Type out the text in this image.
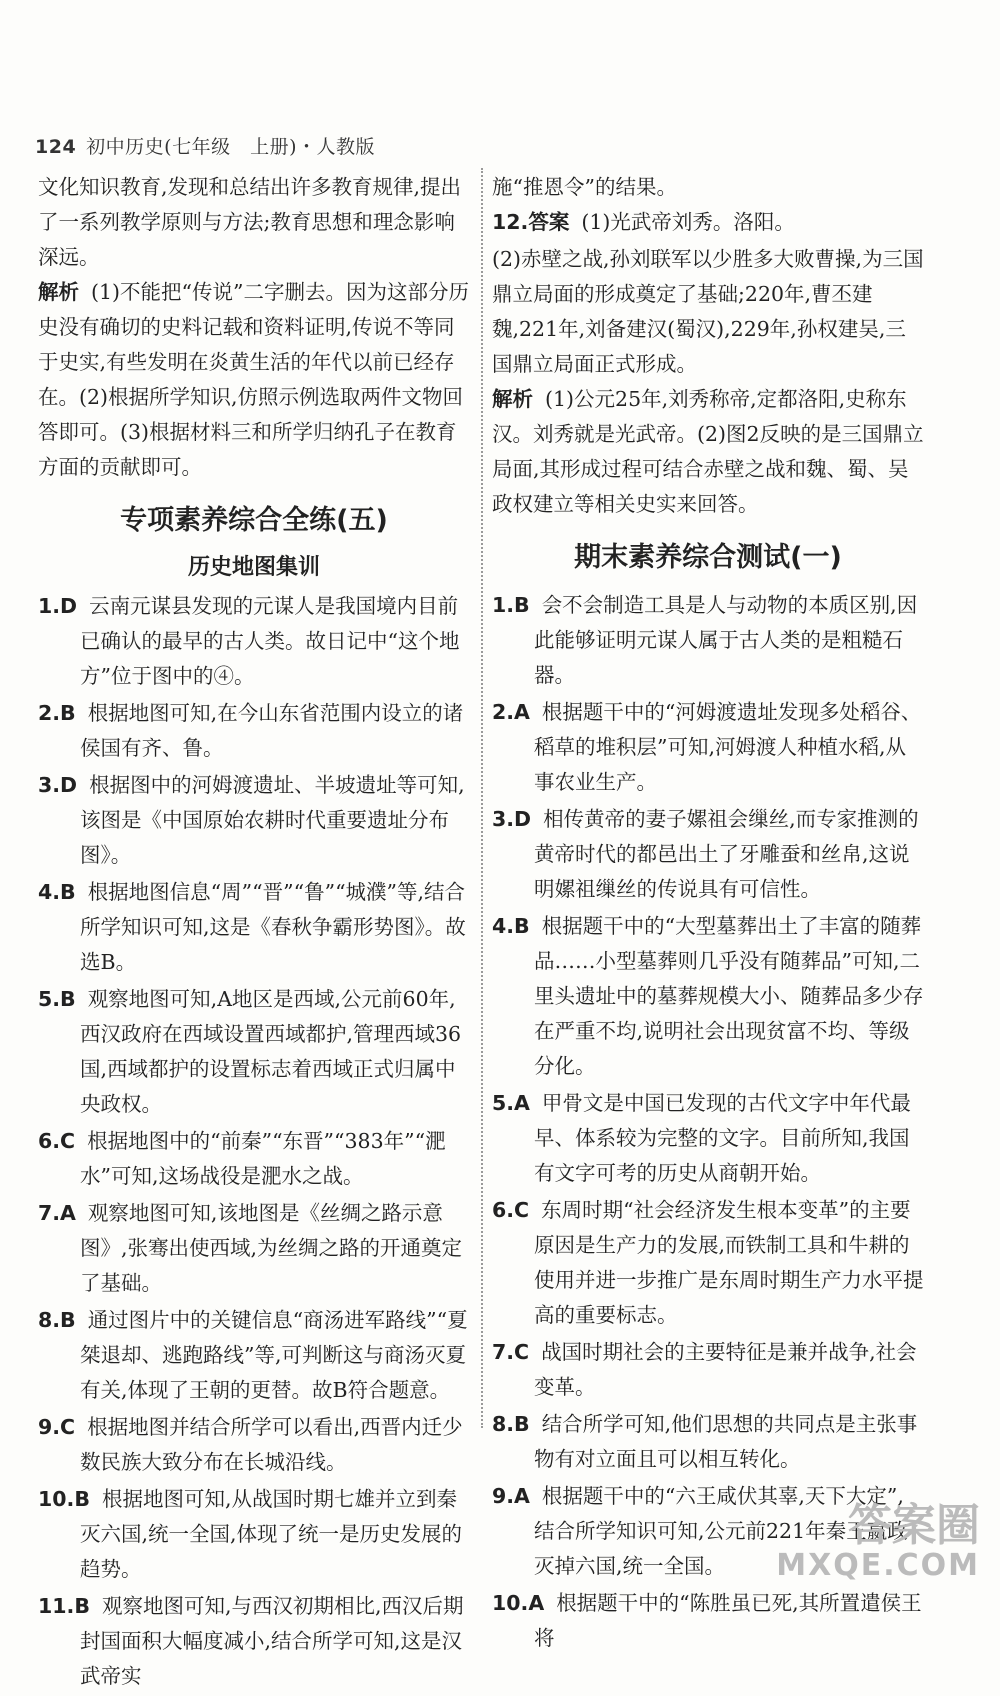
124 初中历史(七年级　上册)・人教版

文化知识教育,发现和总结出许多教育规律,提出了一系列教学原则与方法;教育思想和理念影响深远。

解析 (1)不能把“传说”二字删去。因为这部分历史没有确切的史料记载和资料证明,传说不等同于史实,有些发明在炎黄生活的年代以前已经存在。(2)根据所学知识,仿照示例选取两件文物回答即可。(3)根据材料三和所学归纳孔子在教育方面的贡献即可。

专项素养综合全练(五)
历史地图集训

1.D 云南元谋县发现的元谋人是我国境内目前已确认的最早的古人类。故日记中“这个地方”位于图中的④。

2.B 根据地图可知,在今山东省范围内设立的诸侯国有齐、鲁。

3.D 根据图中的河姆渡遗址、半坡遗址等可知,该图是《中国原始农耕时代重要遗址分布图》。

4.B 根据地图信息“周”“晋”“鲁”“城濮”等,结合所学知识可知,这是《春秋争霸形势图》。故选B。

5.B 观察地图可知,A地区是西域,公元前60年,西汉政府在西域设置西域都护,管理西域36国,西域都护的设置标志着西域正式归属中央政权。

6.C 根据地图中的“前秦”“东晋”“383年”“淝水”可知,这场战役是淝水之战。

7.A 观察地图可知,该地图是《丝绸之路示意图》,张骞出使西域,为丝绸之路的开通奠定了基础。

8.B 通过图片中的关键信息“商汤进军路线”“夏桀退却、逃跑路线”等,可判断这与商汤灭夏有关,体现了王朝的更替。故B符合题意。

9.C 根据地图并结合所学可以看出,西晋内迁少数民族大致分布在长城沿线。

10.B 根据地图可知,从战国时期七雄并立到秦灭六国,统一全国,体现了统一是历史发展的趋势。

11.B 观察地图可知,与西汉初期相比,西汉后期封国面积大幅度减小,结合所学可知,这是汉武帝实

施“推恩令”的结果。

12.答案 (1)光武帝刘秀。洛阳。

(2)赤壁之战,孙刘联军以少胜多大败曹操,为三国鼎立局面的形成奠定了基础;220年,曹丕建魏,221年,刘备建汉(蜀汉),229年,孙权建吴,三国鼎立局面正式形成。

解析 (1)公元25年,刘秀称帝,定都洛阳,史称东汉。刘秀就是光武帝。(2)图2反映的是三国鼎立局面,其形成过程可结合赤壁之战和魏、蜀、吴政权建立等相关史实来回答。

期末素养综合测试(一)

1.B 会不会制造工具是人与动物的本质区别,因此能够证明元谋人属于古人类的是粗糙石器。

2.A 根据题干中的“河姆渡遗址发现多处稻谷、稻草的堆积层”可知,河姆渡人种植水稻,从事农业生产。

3.D 相传黄帝的妻子嫘祖会缫丝,而专家推测的黄帝时代的都邑出土了牙雕蚕和丝帛,这说明嫘祖缫丝的传说具有可信性。

4.B 根据题干中的“大型墓葬出土了丰富的随葬品……小型墓葬则几乎没有随葬品”可知,二里头遗址中的墓葬规模大小、随葬品多少存在严重不均,说明社会出现贫富不均、等级分化。

5.A 甲骨文是中国已发现的古代文字中年代最早、体系较为完整的文字。目前所知,我国有文字可考的历史从商朝开始。

6.C 东周时期“社会经济发生根本变革”的主要原因是生产力的发展,而铁制工具和牛耕的使用并进一步推广是东周时期生产力水平提高的重要标志。

7.C 战国时期社会的主要特征是兼并战争,社会变革。

8.B 结合所学可知,他们思想的共同点是主张事物有对立面且可以相互转化。

9.A 根据题干中的“六王咸伏其辜,天下大定”,结合所学知识可知,公元前221年秦王嬴政灭掉六国,统一全国。

10.A 根据题干中的“陈胜虽已死,其所置遣侯王将

答案圈
MXQE.COM
